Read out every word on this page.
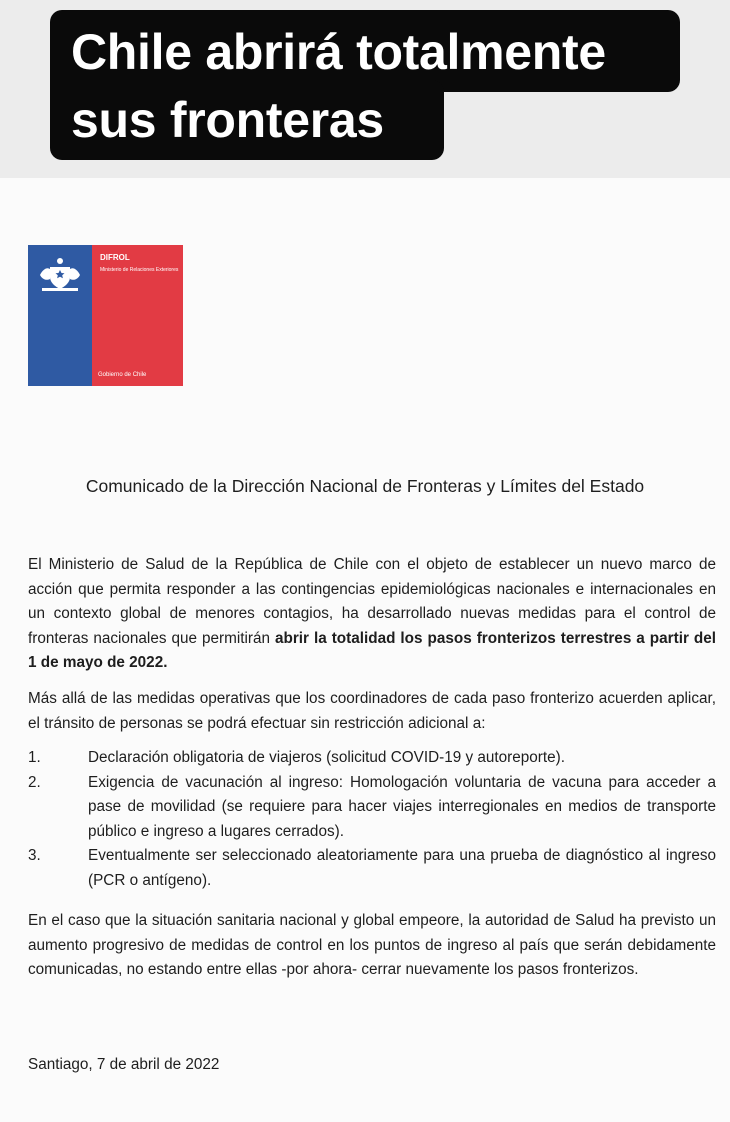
Chile abrirá totalmente
sus fronteras
DIFROL
Ministerio de Relaciones Exteriores
Gobierno de Chile
Comunicado de la Dirección Nacional de Fronteras y Límites del Estado
El Ministerio de Salud de la República de Chile con el objeto de establecer un nuevo marco de acción que permita responder a las contingencias epidemiológicas nacionales e internacionales en un contexto global de menores contagios, ha desarrollado nuevas medidas para el control de fronteras nacionales que permitirán abrir la totalidad los pasos fronterizos terrestres a partir del 1 de mayo de 2022.
Más allá de las medidas operativas que los coordinadores de cada paso fronterizo acuerden aplicar, el tránsito de personas se podrá efectuar sin restricción adicional a:
1.	Declaración obligatoria de viajeros (solicitud COVID-19 y autoreporte).
2.	Exigencia de vacunación al ingreso: Homologación voluntaria de vacuna para acceder a pase de movilidad (se requiere para hacer viajes interregionales en medios de transporte público e ingreso a lugares cerrados).
3.	Eventualmente ser seleccionado aleatoriamente para una prueba de diagnóstico al ingreso (PCR o antígeno).
En el caso que la situación sanitaria nacional y global empeore, la autoridad de Salud ha previsto un aumento progresivo de medidas de control en los puntos de ingreso al país que serán debidamente comunicadas, no estando entre ellas -por ahora- cerrar nuevamente los pasos fronterizos.
Santiago, 7 de abril de 2022
